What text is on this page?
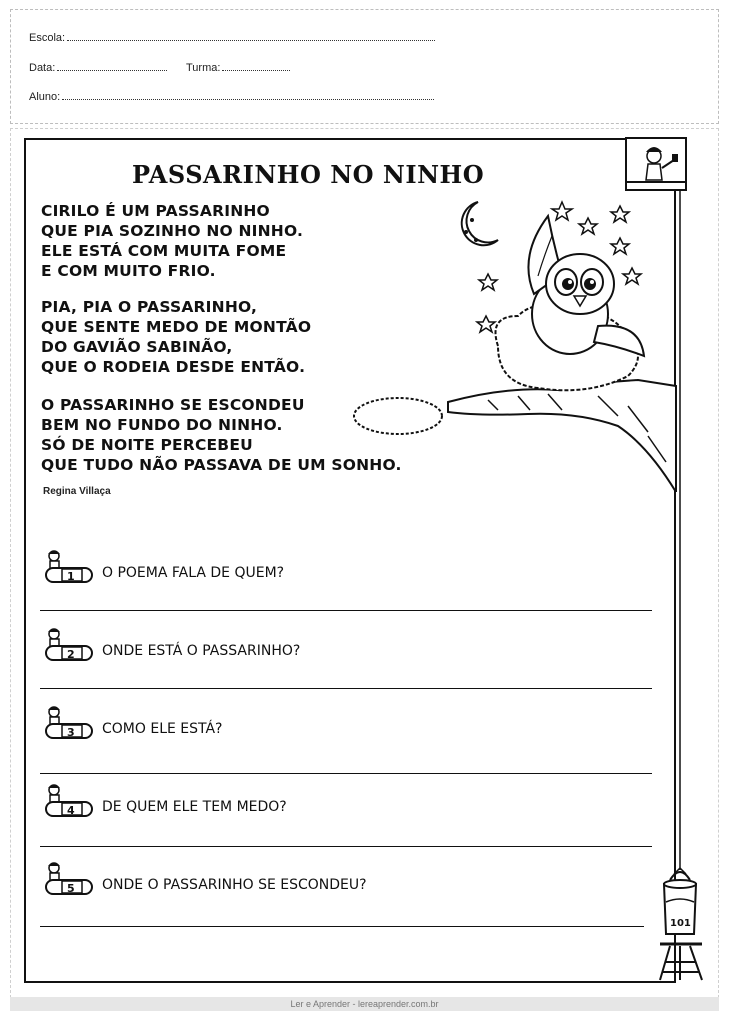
Escola:
Data:	Turma:
Aluno:
101
PASSARINHO NO NINHO
CIRILO É UM PASSARINHO
QUE PIA SOZINHO NO NINHO.
ELE ESTÁ COM MUITA FOME
E COM MUITO FRIO.
PIA, PIA O PASSARINHO,
QUE SENTE MEDO DE MONTÃO
DO GAVIÃO SABINÃO,
QUE O RODEIA DESDE ENTÃO.
O PASSARINHO SE ESCONDEU
BEM NO FUNDO DO NINHO.
SÓ DE NOITE PERCEBEU
QUE TUDO NÃO PASSAVA DE UM SONHO.
Regina Villaça
1 O POEMA FALA DE QUEM?
2 ONDE ESTÁ O PASSARINHO?
3 COMO ELE ESTÁ?
4 DE QUEM ELE TEM MEDO?
5 ONDE O PASSARINHO SE ESCONDEU?
Ler e Aprender - lereaprender.com.br
